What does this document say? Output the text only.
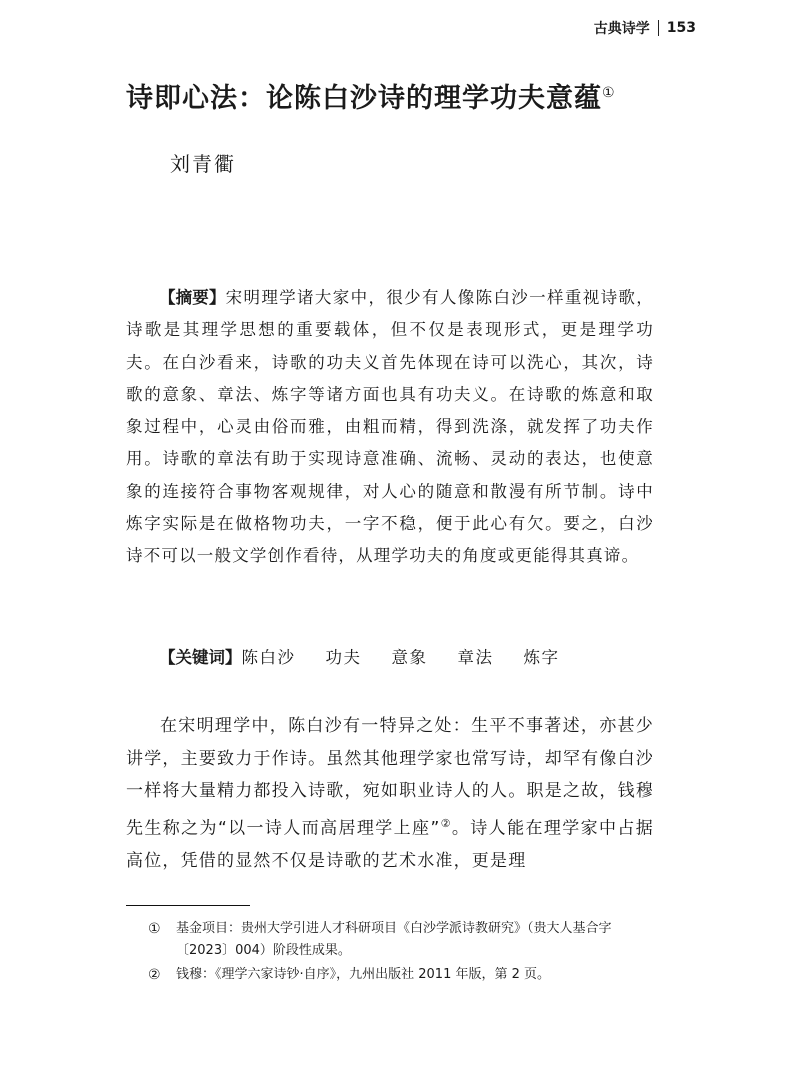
古典诗学 153
诗即心法：论陈白沙诗的理学功夫意蕴①
刘青衢

【摘要】宋明理学诸大家中，很少有人像陈白沙一样重视诗歌，诗歌是其理学思想的重要载体，但不仅是表现形式，更是理学功夫。在白沙看来，诗歌的功夫义首先体现在诗可以洗心，其次，诗歌的意象、章法、炼字等诸方面也具有功夫义。在诗歌的炼意和取象过程中，心灵由俗而雅，由粗而精，得到洗涤，就发挥了功夫作用。诗歌的章法有助于实现诗意准确、流畅、灵动的表达，也使意象的连接符合事物客观规律，对人心的随意和散漫有所节制。诗中炼字实际是在做格物功夫，一字不稳，便于此心有欠。要之，白沙诗不可以一般文学创作看待，从理学功夫的角度或更能得其真谛。

【关键词】陈白沙 功夫 意象 章法 炼字

在宋明理学中，陈白沙有一特异之处：生平不事著述，亦甚少讲学，主要致力于作诗。虽然其他理学家也常写诗，却罕有像白沙一样将大量精力都投入诗歌，宛如职业诗人的人。职是之故，钱穆先生称之为“以一诗人而高居理学上座”②。诗人能在理学家中占据高位，凭借的显然不仅是诗歌的艺术水准，更是理

①	基金项目：贵州大学引进人才科研项目《白沙学派诗教研究》（贵大人基合字〔2023〕004）阶段性成果。
②	钱穆：《理学六家诗钞·自序》，九州出版社 2011 年版，第 2 页。
